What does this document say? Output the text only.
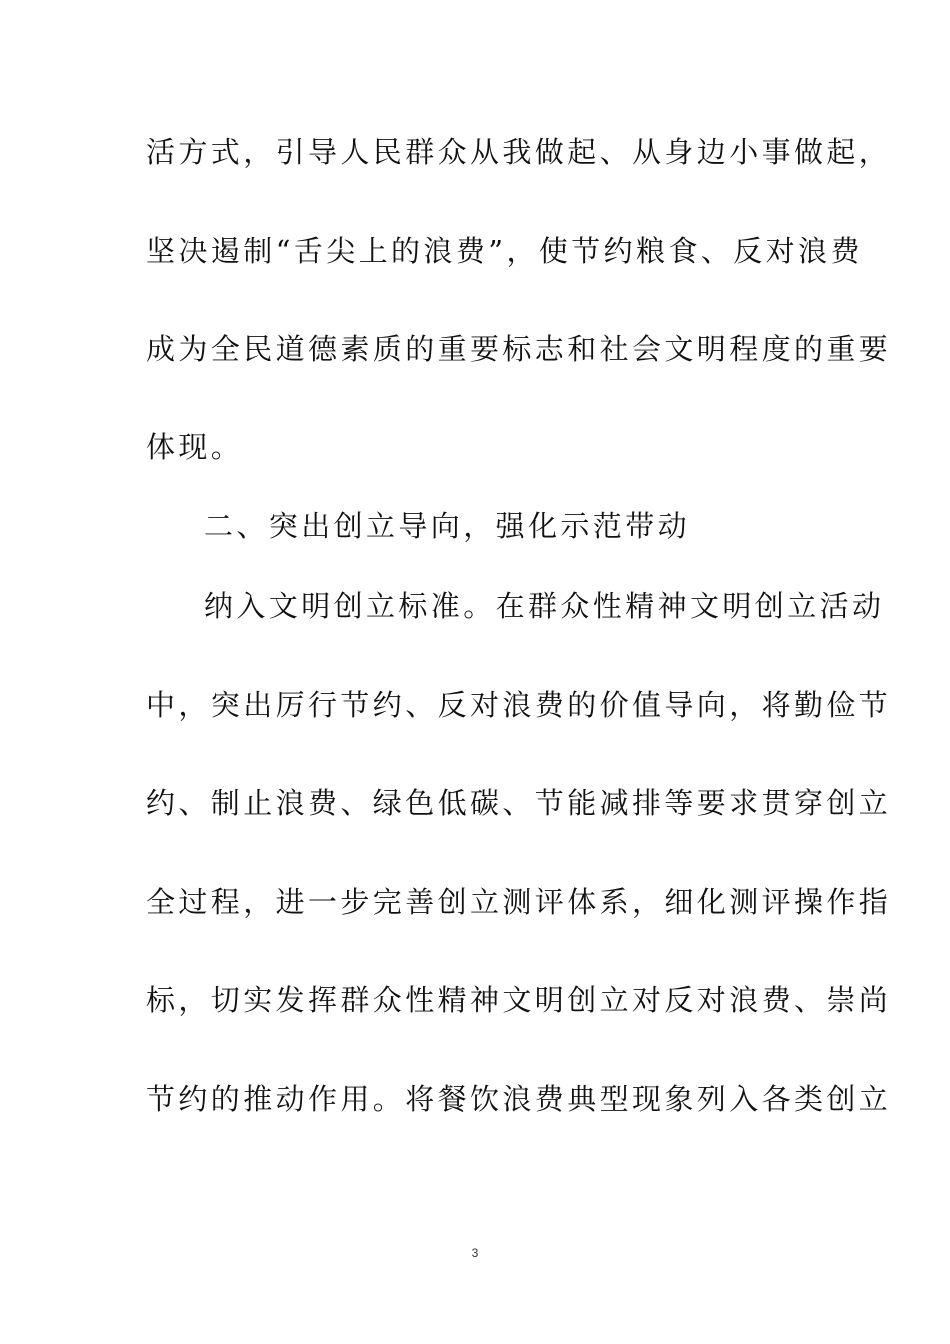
活方式，引导人民群众从我做起、从身边小事做起，
坚决遏制“舌尖上的浪费”，使节约粮食、反对浪费
成为全民道德素质的重要标志和社会文明程度的重要
体现。
二、突出创立导向，强化示范带动
纳入文明创立标准。在群众性精神文明创立活动
中，突出厉行节约、反对浪费的价值导向，将勤俭节
约、制止浪费、绿色低碳、节能减排等要求贯穿创立
全过程，进一步完善创立测评体系，细化测评操作指
标，切实发挥群众性精神文明创立对反对浪费、崇尚
节约的推动作用。将餐饮浪费典型现象列入各类创立
3
